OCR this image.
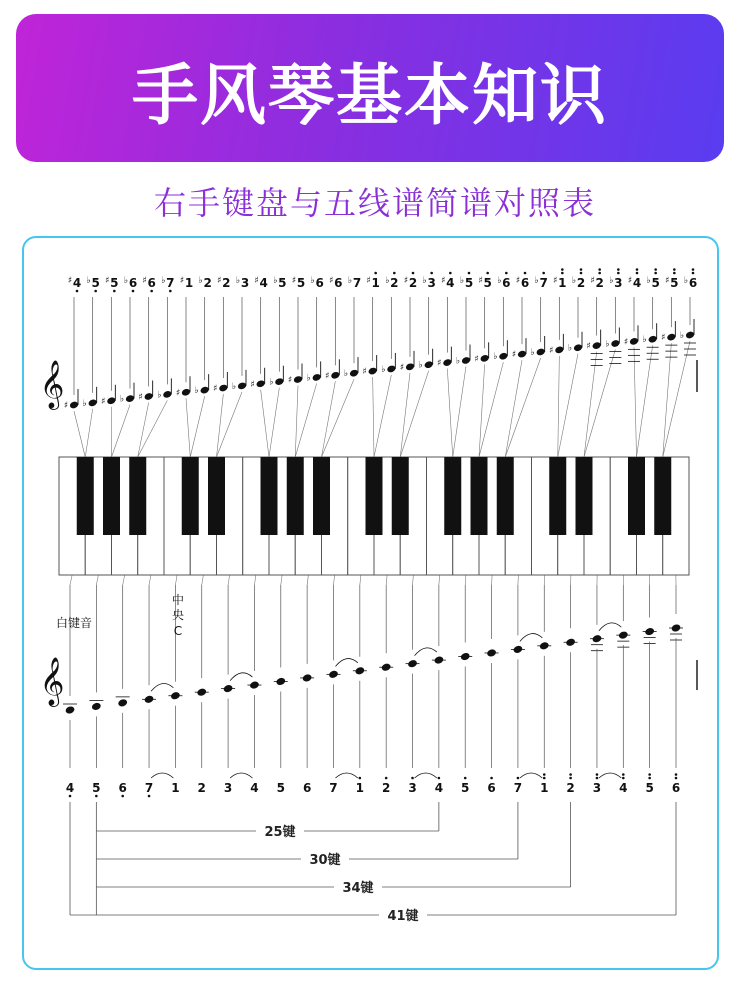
手风琴基本知识
右手键盘与五线谱简谱对照表
𝄞
♯ 4
♯
♭ 5
♭
♯ 5
♯
♭ 6
♭
♯ 6
♯
♭ 7
♭
♯ 1
♯
♭ 2
♭
♯ 2
♯
♭ 3
♭
♯ 4
♯
♭ 5
♭
♯ 5
♯
♭ 6
♭
♯ 6
♯
♭ 7
♭
♯ 1
♯
♭ 2
♭
♯ 2
♯
♭ 3
♭
♯ 4
♯
♭ 5
♭
♯ 5
♯
♭ 6
♭
♯ 6
♯
♭ 7
♭
♯ 1
♯
♭ 2
♭
♯ 2
♯
♭ 3
♭
♯ 4
♯
♭ 5
♭
♯ 5
♯
♭ 6
♭
𝄞
4 5 6 7 1 2 3 4 5 6 7 1 2 3 4 5 6 7 1 2 3 4 5 6
25键
30键
34键
41键
白键音
中
央
C
